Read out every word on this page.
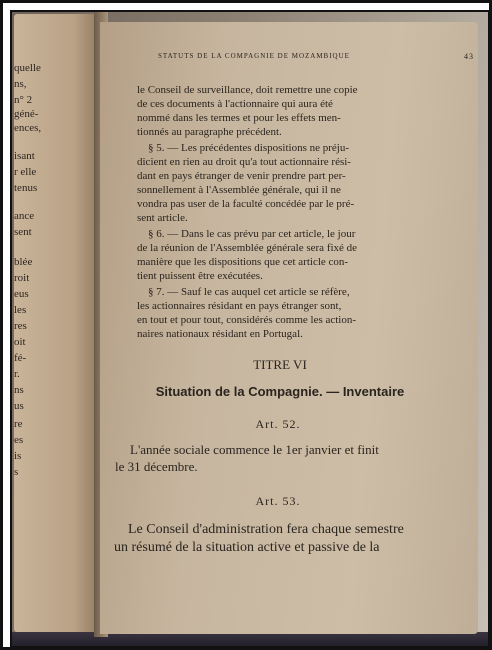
quelle
ns,
n° 2
géné-
ences,
isant
r elle
tenus
ance
sent
blée
roit
eus
les
res
oit
fé-
r.
ns
us
re
es
is
s
STATUTS DE LA COMPAGNIE DE MOZAMBIQUE	43
le Conseil de surveillance, doit remettre une copie
de ces documents à l'actionnaire qui aura été
nommé dans les termes et pour les effets men-
tionnés au paragraphe précédent.
§ 5. — Les précédentes dispositions ne préju-
dicient en rien au droit qu'a tout actionnaire rési-
dant en pays étranger de venir prendre part per-
sonnellement à l'Assemblée générale, qui il ne
vondra pas user de la faculté concédée par le pré-
sent article.
§ 6. — Dans le cas prévu par cet article, le jour
de la réunion de l'Assemblée générale sera fixé de
manière que les dispositions que cet article con-
tient puissent être exécutées.
§ 7. — Sauf le cas auquel cet article se réfère,
les actionnaires résidant en pays étranger sont,
en tout et pour tout, considérés comme les action-
naires nationaux résidant en Portugal.
TITRE VI
Situation de la Compagnie. — Inventaire
Art. 52.
L'année sociale commence le 1er janvier et finit
le 31 décembre.
Art. 53.
Le Conseil d'administration fera chaque semestre
un résumé de la situation active et passive de la
